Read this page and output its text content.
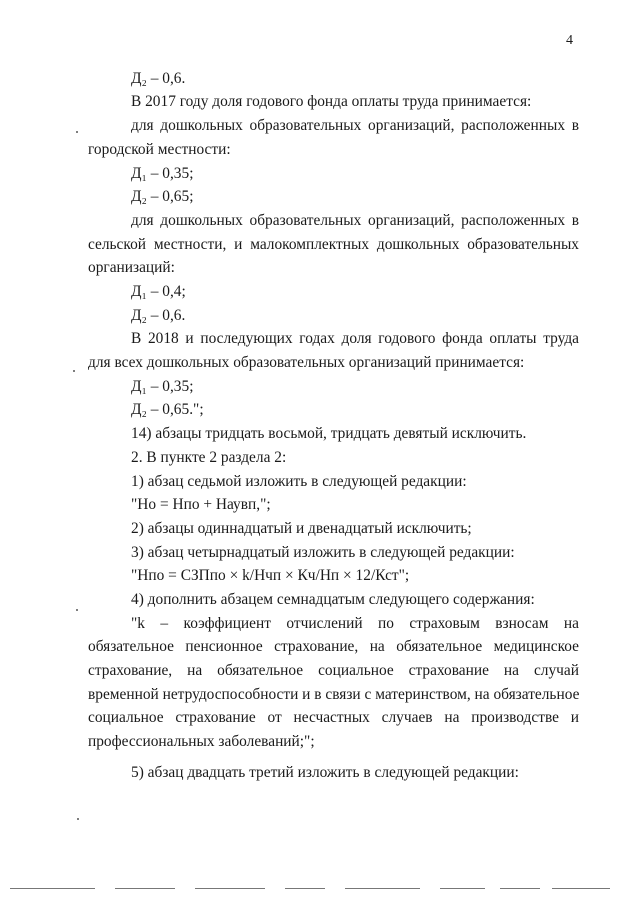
4
Д₂ – 0,6.
В 2017 году доля годового фонда оплаты труда принимается:
для дошкольных образовательных организаций, расположенных в
городской местности:
Д₁ – 0,35;
Д₂ – 0,65;
для дошкольных образовательных организаций, расположенных в
сельской местности, и малокомплектных дошкольных образовательных
организаций:
Д₁ – 0,4;
Д₂ – 0,6.
В 2018 и последующих годах доля годового фонда оплаты труда
для всех дошкольных образовательных организаций принимается:
Д₁ – 0,35;
Д₂ – 0,65.";
14) абзацы тридцать восьмой, тридцать девятый исключить.
2. В пункте 2 раздела 2:
1) абзац седьмой изложить в следующей редакции:
"Но = Нпо + Наувп,";
2) абзацы одиннадцатый и двенадцатый исключить;
3) абзац четырнадцатый изложить в следующей редакции:
"Нпо = СЗПпо × k/Нчп × Кч/Нп × 12/Кст";
4) дополнить абзацем семнадцатым следующего содержания:
"k – коэффициент отчислений по страховым взносам на
обязательное пенсионное страхование, на обязательное медицинское
страхование, на обязательное социальное страхование на случай
временной нетрудоспособности и в связи с материнством, на обязательное
социальное страхование от несчастных случаев на производстве и
профессиональных заболеваний;";
5) абзац двадцать третий изложить в следующей редакции:
